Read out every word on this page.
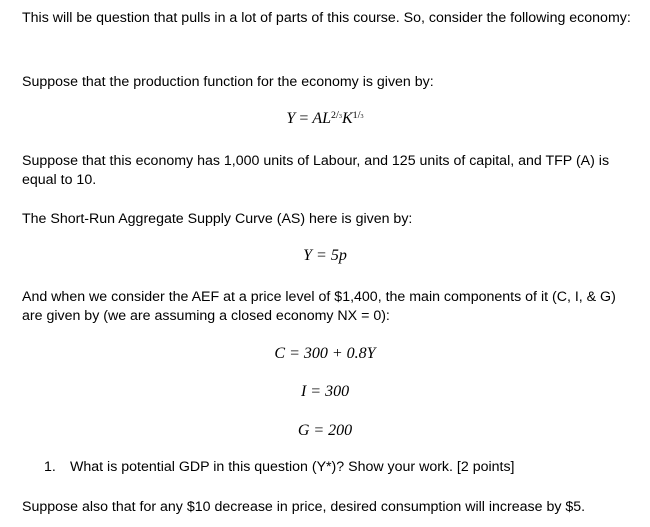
This will be question that pulls in a lot of parts of this course. So, consider the following economy:

Suppose that the production function for the economy is given by:

$Y = AL^{2/3}K^{1/3}$

Suppose that this economy has 1,000 units of Labour, and 125 units of capital, and TFP (A) is equal to 10.

The Short-Run Aggregate Supply Curve (AS) here is given by:

Y = 5p

And when we consider the AEF at a price level of $1,400, the main components of it (C, I, & G) are given by (we are assuming a closed economy NX = 0):

C = 300 + 0.8Y
I = 300
G = 200
1. What is potential GDP in this question (Y*)? Show your work. [2 points]

Suppose also that for any $10 decrease in price, desired consumption will increase by $5.
